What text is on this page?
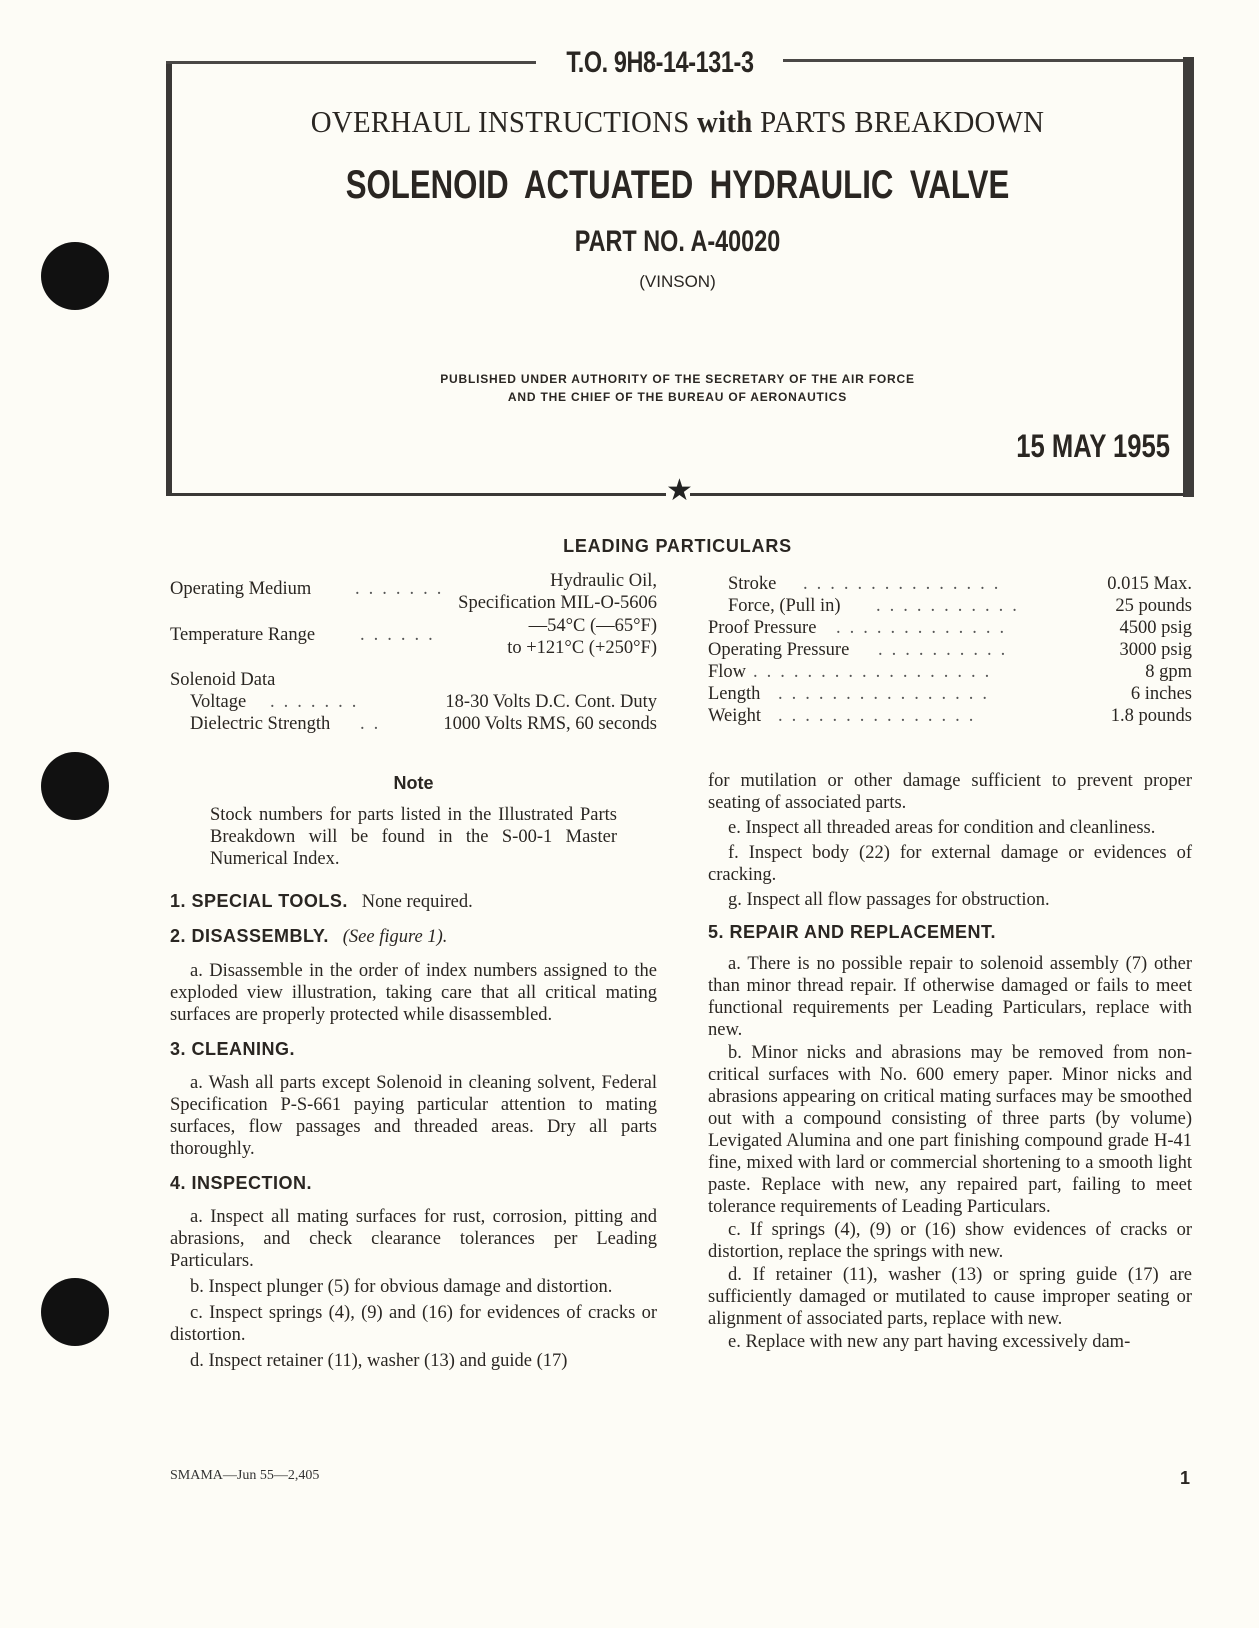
★
T.O. 9H8-14-131-3
OVERHAUL INSTRUCTIONS with PARTS BREAKDOWN
SOLENOID ACTUATED HYDRAULIC VALVE
PART NO. A-40020
(VINSON)
PUBLISHED UNDER AUTHORITY OF THE SECRETARY OF THE AIR FORCE
AND THE CHIEF OF THE BUREAU OF AERONAUTICS
15 MAY 1955
LEADING PARTICULARS
Operating Medium .......	Hydraulic Oil,
Specification MIL-O-5606
Temperature Range ......	—54°C (—65°F)
to +121°C (+250°F)
Solenoid Data
Voltage .......	18-30 Volts D.C. Cont. Duty
Dielectric Strength ..	1000 Volts RMS, 60 seconds
Stroke ...............	0.015 Max.
Force, (Pull in) ...........	25 pounds
Proof Pressure .............	4500 psig
Operating Pressure ..........	3000 psig
Flow ..................	8 gpm
Length ................	6 inches
Weight ...............	1.8 pounds
Note

Stock numbers for parts listed in the Illustrated Parts Breakdown will be found in the S-00-1 Master Numerical Index.

1. SPECIAL TOOLS. None required.

2. DISASSEMBLY. (See figure 1).

a. Disassemble in the order of index numbers assigned to the exploded view illustration, taking care that all critical mating surfaces are properly protected while disassembled.

3. CLEANING.

a. Wash all parts except Solenoid in cleaning solvent, Federal Specification P-S-661 paying particular attention to mating surfaces, flow passages and threaded areas. Dry all parts thoroughly.

4. INSPECTION.

a. Inspect all mating surfaces for rust, corrosion, pitting and abrasions, and check clearance tolerances per Leading Particulars.

b. Inspect plunger (5) for obvious damage and distortion.

c. Inspect springs (4), (9) and (16) for evidences of cracks or distortion.

d. Inspect retainer (11), washer (13) and guide (17)

for mutilation or other damage sufficient to prevent proper seating of associated parts.

e. Inspect all threaded areas for condition and cleanliness.

f. Inspect body (22) for external damage or evidences of cracking.

g. Inspect all flow passages for obstruction.

5. REPAIR AND REPLACEMENT.

a. There is no possible repair to solenoid assembly (7) other than minor thread repair. If otherwise damaged or fails to meet functional requirements per Leading Particulars, replace with new.

b. Minor nicks and abrasions may be removed from non-critical surfaces with No. 600 emery paper. Minor nicks and abrasions appearing on critical mating surfaces may be smoothed out with a compound consisting of three parts (by volume) Levigated Alumina and one part finishing compound grade H-41 fine, mixed with lard or commercial shortening to a smooth light paste. Replace with new, any repaired part, failing to meet tolerance requirements of Leading Particulars.

c. If springs (4), (9) or (16) show evidences of cracks or distortion, replace the springs with new.

d. If retainer (11), washer (13) or spring guide (17) are sufficiently damaged or mutilated to cause improper seating or alignment of associated parts, replace with new.

e. Replace with new any part having excessively dam-

SMAMA—Jun 55—2,405	1
